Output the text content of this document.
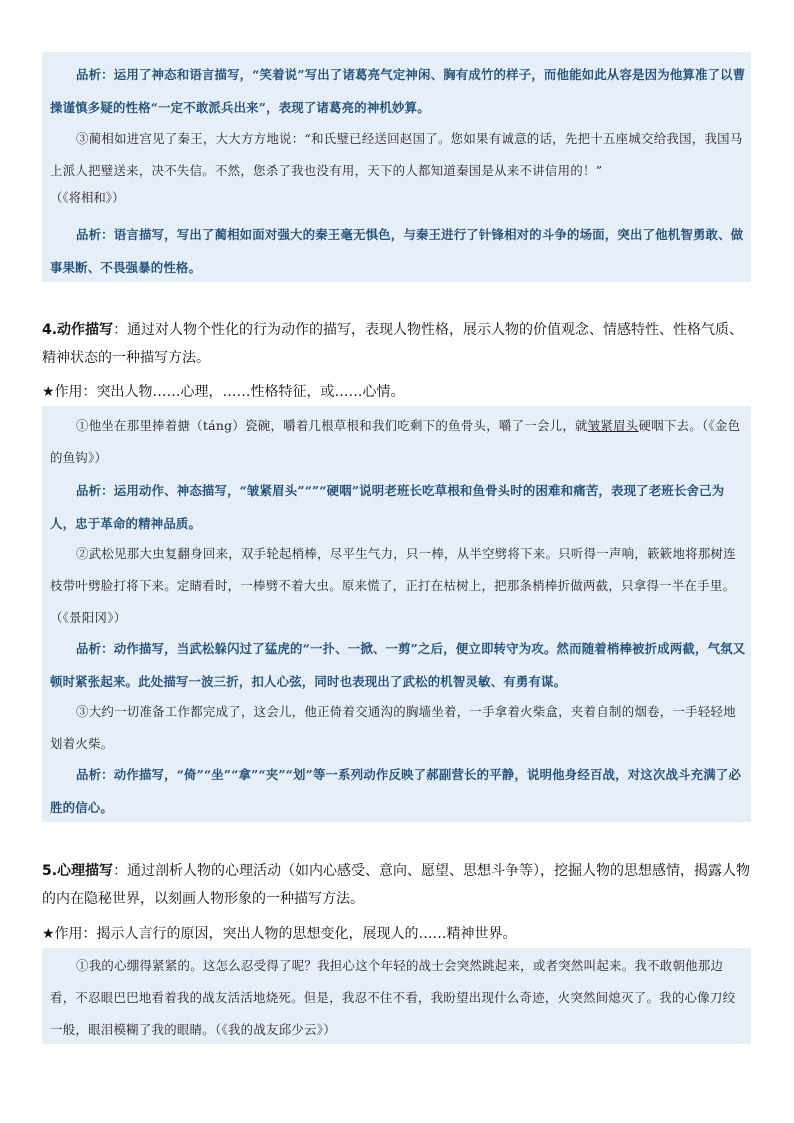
品析：运用了神态和语言描写，“笑着说”写出了诸葛亮气定神闲、胸有成竹的样子，而他能如此从容是因为他算准了以曹操谨慎多疑的性格“一定不敢派兵出来”，表现了诸葛亮的神机妙算。

③蔺相如进宫见了秦王，大大方方地说：“和氏璧已经送回赵国了。您如果有诚意的话，先把十五座城交给我国，我国马上派人把璧送来，决不失信。不然，您杀了我也没有用，天下的人都知道秦国是从来不讲信用的！”

（《将相和》）

品析：语言描写，写出了蔺相如面对强大的秦王毫无惧色，与秦王进行了针锋相对的斗争的场面，突出了他机智勇敢、做事果断、不畏强暴的性格。

4.动作描写：通过对人物个性化的行为动作的描写，表现人物性格，展示人物的价值观念、情感特性、性格气质、精神状态的一种描写方法。

★作用：突出人物……心理，……性格特征，或……心情。

①他坐在那里捧着搪（táng）瓷碗，嚼着几根草根和我们吃剩下的鱼骨头，嚼了一会儿，就皱紧眉头硬咽下去。（《金色的鱼钩》）

品析：运用动作、神态描写，“皱紧眉头”“”“硬咽”说明老班长吃草根和鱼骨头时的困难和痛苦，表现了老班长舍己为人，忠于革命的精神品质。

②武松见那大虫复翻身回来，双手轮起梢棒，尽平生气力，只一棒，从半空劈将下来。只听得一声响，簌簌地将那树连枝带叶劈脸打将下来。定睛看时，一棒劈不着大虫。原来慌了，正打在枯树上，把那条梢棒折做两截，只拿得一半在手里。（《景阳冈》）

品析：动作描写，当武松躲闪过了猛虎的“一扑、一掀、一剪”之后，便立即转守为攻。然而随着梢棒被折成两截，气氛又顿时紧张起来。此处描写一波三折，扣人心弦，同时也表现出了武松的机智灵敏、有勇有谋。

③大约一切准备工作都完成了，这会儿，他正倚着交通沟的胸墙坐着，一手拿着火柴盒，夹着自制的烟卷，一手轻轻地划着火柴。

品析：动作描写，“倚”“坐”“拿”“夹”“划”等一系列动作反映了郝副营长的平静，说明他身经百战，对这次战斗充满了必胜的信心。

5.心理描写：通过剖析人物的心理活动（如内心感受、意向、愿望、思想斗争等），挖掘人物的思想感情，揭露人物的内在隐秘世界，以刻画人物形象的一种描写方法。

★作用：揭示人言行的原因，突出人物的思想变化，展现人的……精神世界。

①我的心绷得紧紧的。这怎么忍受得了呢？我担心这个年轻的战士会突然跳起来，或者突然叫起来。我不敢朝他那边看，不忍眼巴巴地看着我的战友活活地烧死。但是，我忍不住不看，我盼望出现什么奇迹，火突然间熄灭了。我的心像刀绞一般，眼泪模糊了我的眼睛。（《我的战友邱少云》）
